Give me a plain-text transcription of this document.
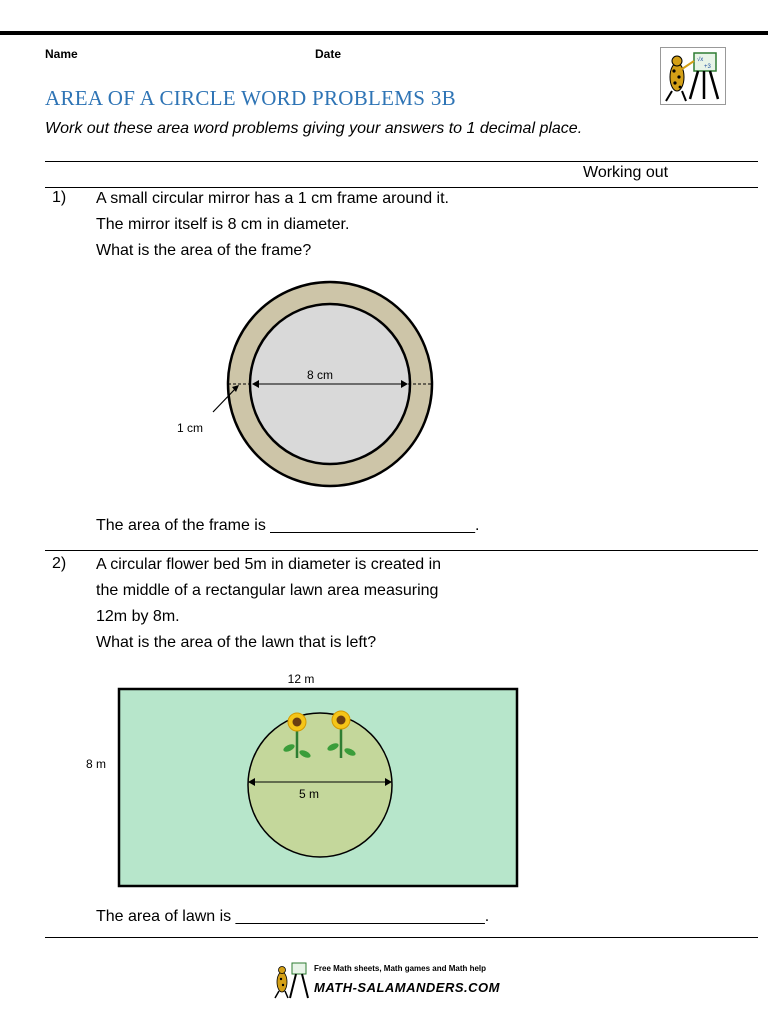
Name	Date	√x
+3
AREA OF A CIRCLE WORD PROBLEMS 3B
Work out these area word problems giving your answers to 1 decimal place.
Working out
1) A small circular mirror has a 1 cm frame around it.
The mirror itself is 8 cm in diameter.
What is the area of the frame?
8 cm
1 cm
The area of the frame is _______________________.
2) A circular flower bed 5m in diameter is created in
the middle of a rectangular lawn area measuring
12m by 8m.
What is the area of the lawn that is left?
12 m
8 m
5 m
The area of lawn is ____________________________.
Free Math sheets, Math games and Math help
MATH-SALAMANDERS.COM
